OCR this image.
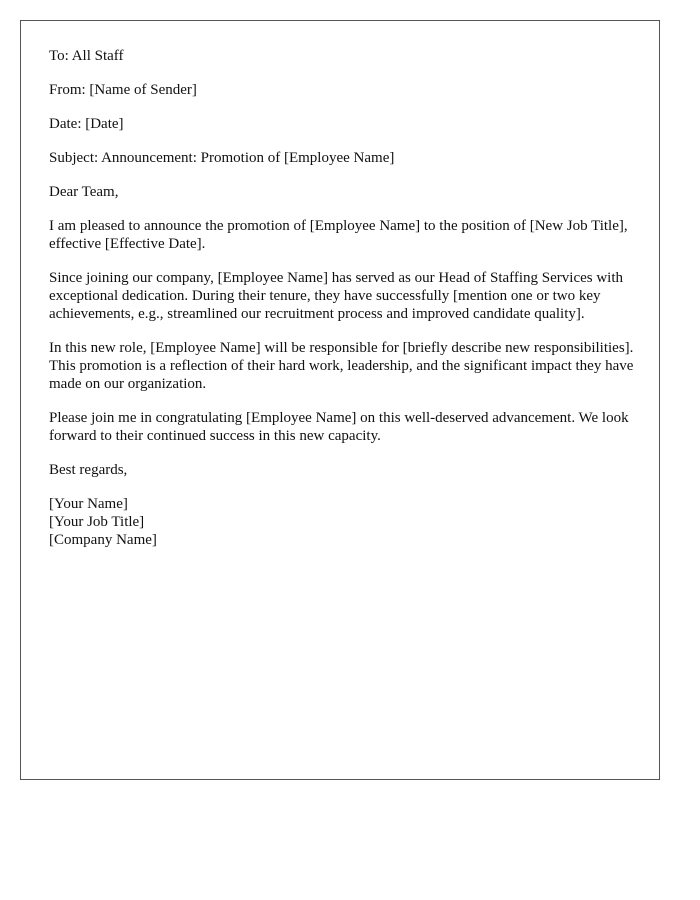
To: All Staff

From: [Name of Sender]

Date: [Date]

Subject: Announcement: Promotion of [Employee Name]

Dear Team,

I am pleased to announce the promotion of [Employee Name] to the position of [New Job Title], effective [Effective Date].

Since joining our company, [Employee Name] has served as our Head of Staffing Services with exceptional dedication. During their tenure, they have successfully [mention one or two key achievements, e.g., streamlined our recruitment process and improved candidate quality].

In this new role, [Employee Name] will be responsible for [briefly describe new responsibilities]. This promotion is a reflection of their hard work, leadership, and the significant impact they have made on our organization.

Please join me in congratulating [Employee Name] on this well-deserved advancement. We look forward to their continued success in this new capacity.

Best regards,

[Your Name]
[Your Job Title]
[Company Name]
